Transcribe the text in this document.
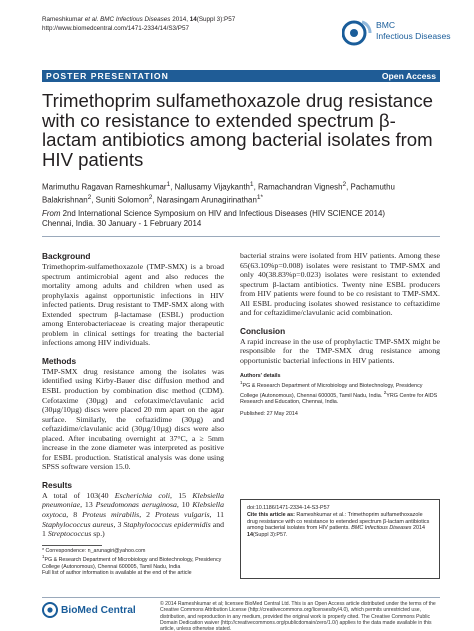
Rameshkumar et al. BMC Infectious Diseases 2014, 14(Suppl 3):P57
http://www.biomedcentral.com/1471-2334/14/S3/P57	BMC
Infectious Diseases
POSTER PRESENTATION	Open Access
Trimethoprim sulfamethoxazole drug resistance with co resistance to extended spectrum β-lactam antibiotics among bacterial isolates from HIV patients
Marimuthu Ragavan Rameshkumar$^1$, Nallusamy Vijaykanth$^1$, Ramachandran Vignesh$^2$, Pachamuthu Balakrishnan$^2$, Suniti Solomon$^2$, Narasingam Arunagirinathan$^{1*}$
From 2nd International Science Symposium on HIV and Infectious Diseases (HIV SCIENCE 2014)
Chennai, India. 30 January - 1 February 2014
Background
Trimethoprim-sulfamethoxazole (TMP-SMX) is a broad spectrum antimicrobial agent and also reduces the mortality among adults and children when used as prophylaxis against opportunistic infections in HIV infected patients. Drug resistant to TMP-SMX along with Extended spectrum β-lactamase (ESBL) production among Enterobacteriaceae is creating major therapeutic problem in clinical settings for treating the bacterial infections among HIV individuals.
Methods
TMP-SMX drug resistance among the isolates was identified using Kirby-Bauer disc diffusion method and ESBL production by combination disc method (CDM). Cefotaxime (30µg) and cefotaxime/clavulanic acid (30µg/10µg) discs were placed 20 mm apart on the agar surface. Similarly, the ceftazidime (30µg) and ceftazidime/clavulanic acid (30µg/10µg) discs were also placed. After incubating overnight at 37°C, a ≥ 5mm increase in the zone diameter was interpreted as positive for ESBL production. Statistical analysis was done using SPSS software version 15.0.
Results
A total of 103(40 Escherichia coli, 15 Klebsiella pneumoniae, 13 Pseudomonas aeruginosa, 10 Klebsiella oxytoca, 8 Proteus mirabilis, 2 Proteus vulgaris, 11 Staphylococcus aureus, 3 Staphylococcus epidermidis and 1 Streptococcus sp.)
bacterial strains were isolated from HIV patients. Among these 65(63.10%p=0.008) isolates were resistant to TMP-SMX and only 40(38.83%p=0.023) isolates were resistant to extended spectrum β-lactam antibiotics. Twenty nine ESBL producers from HIV patients were found to be co resistant to TMP-SMX. All ESBL producing isolates showed resistance to ceftazidime and for ceftazidime/clavulanic acid combination.
Conclusion
A rapid increase in the use of prophylactic TMP-SMX might be responsible for the TMP-SMX drug resistance among opportunistic bacterial infections in HIV patients.
Authors' details
$^1$PG & Research Department of Microbiology and Biotechnology, Presidency College (Autonomous), Chennai 600005, Tamil Nadu, India. $^2$YRG Centre for AIDS Research and Education, Chennai, India.
Published: 27 May 2014
doi:10.1186/1471-2334-14-S3-P57
Cite this article as: Rameshkumar et al.: Trimethoprim sulfamethoxazole drug resistance with co resistance to extended spectrum β-lactam antibiotics among bacterial isolates from HIV patients. BMC Infectious Diseases 2014 14(Suppl 3):P57.
* Correspondence: n_arunagiri@yahoo.com
$^1$PG & Research Department of Microbiology and Biotechnology, Presidency College (Autonomous), Chennai 600005, Tamil Nadu, India
Full list of author information is available at the end of the article
BioMed Central
© 2014 Rameshkumar et al; licensee BioMed Central Ltd. This is an Open Access article distributed under the terms of the Creative Commons Attribution License (http://creativecommons.org/licenses/by/4.0), which permits unrestricted use, distribution, and reproduction in any medium, provided the original work is properly cited. The Creative Commons Public Domain Dedication waiver (http://creativecommons.org/publicdomain/zero/1.0/) applies to the data made available in this article, unless otherwise stated.
